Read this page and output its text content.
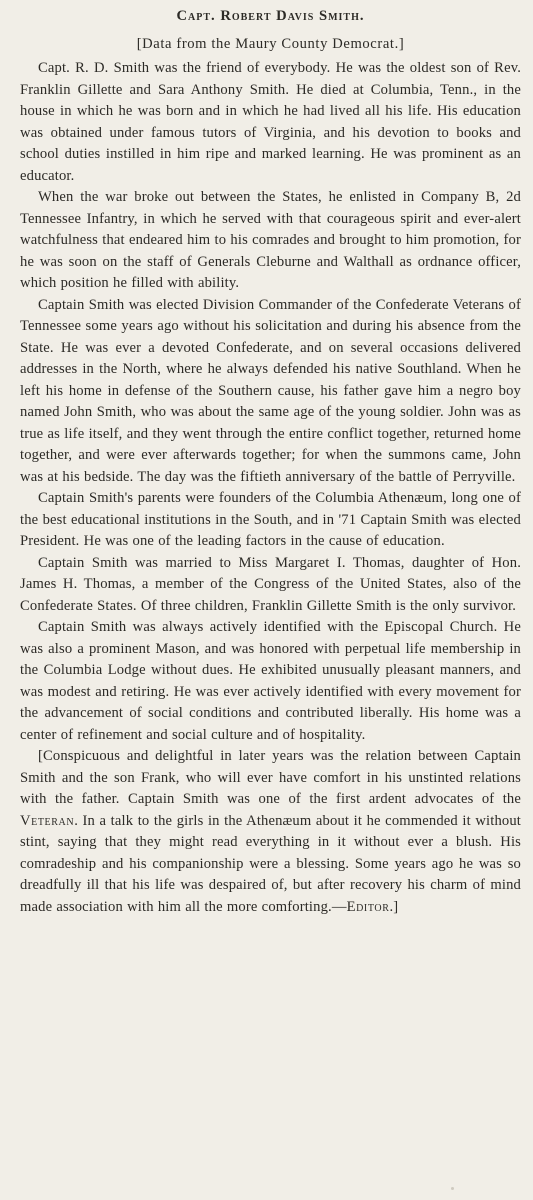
Capt. Robert Davis Smith.

[Data from the Maury County Democrat.]

Capt. R. D. Smith was the friend of everybody. He was the oldest son of Rev. Franklin Gillette and Sara Anthony Smith. He died at Columbia, Tenn., in the house in which he was born and in which he had lived all his life. His education was obtained under famous tutors of Virginia, and his devotion to books and school duties instilled in him ripe and marked learning. He was prominent as an educator.

When the war broke out between the States, he enlisted in Company B, 2d Tennessee Infantry, in which he served with that courageous spirit and ever-alert watchfulness that endeared him to his comrades and brought to him promotion, for he was soon on the staff of Generals Cleburne and Walthall as ordnance officer, which position he filled with ability.

Captain Smith was elected Division Commander of the Confederate Veterans of Tennessee some years ago without his solicitation and during his absence from the State. He was ever a devoted Confederate, and on several occasions delivered addresses in the North, where he always defended his native Southland. When he left his home in defense of the Southern cause, his father gave him a negro boy named John Smith, who was about the same age of the young soldier. John was as true as life itself, and they went through the entire conflict together, returned home together, and were ever afterwards together; for when the summons came, John was at his bedside. The day was the fiftieth anniversary of the battle of Perryville.

Captain Smith's parents were founders of the Columbia Athenæum, long one of the best educational institutions in the South, and in '71 Captain Smith was elected President. He was one of the leading factors in the cause of education.

Captain Smith was married to Miss Margaret I. Thomas, daughter of Hon. James H. Thomas, a member of the Congress of the United States, also of the Confederate States. Of three children, Franklin Gillette Smith is the only survivor.

Captain Smith was always actively identified with the Episcopal Church. He was also a prominent Mason, and was honored with perpetual life membership in the Columbia Lodge without dues. He exhibited unusually pleasant manners, and was modest and retiring. He was ever actively identified with every movement for the advancement of social conditions and contributed liberally. His home was a center of refinement and social culture and of hospitality.

[Conspicuous and delightful in later years was the relation between Captain Smith and the son Frank, who will ever have comfort in his unstinted relations with the father. Captain Smith was one of the first ardent advocates of the Veteran. In a talk to the girls in the Athenæum about it he commended it without stint, saying that they might read everything in it without ever a blush. His comradeship and his companionship were a blessing. Some years ago he was so dreadfully ill that his life was despaired of, but after recovery his charm of mind made association with him all the more comforting.—Editor.]
